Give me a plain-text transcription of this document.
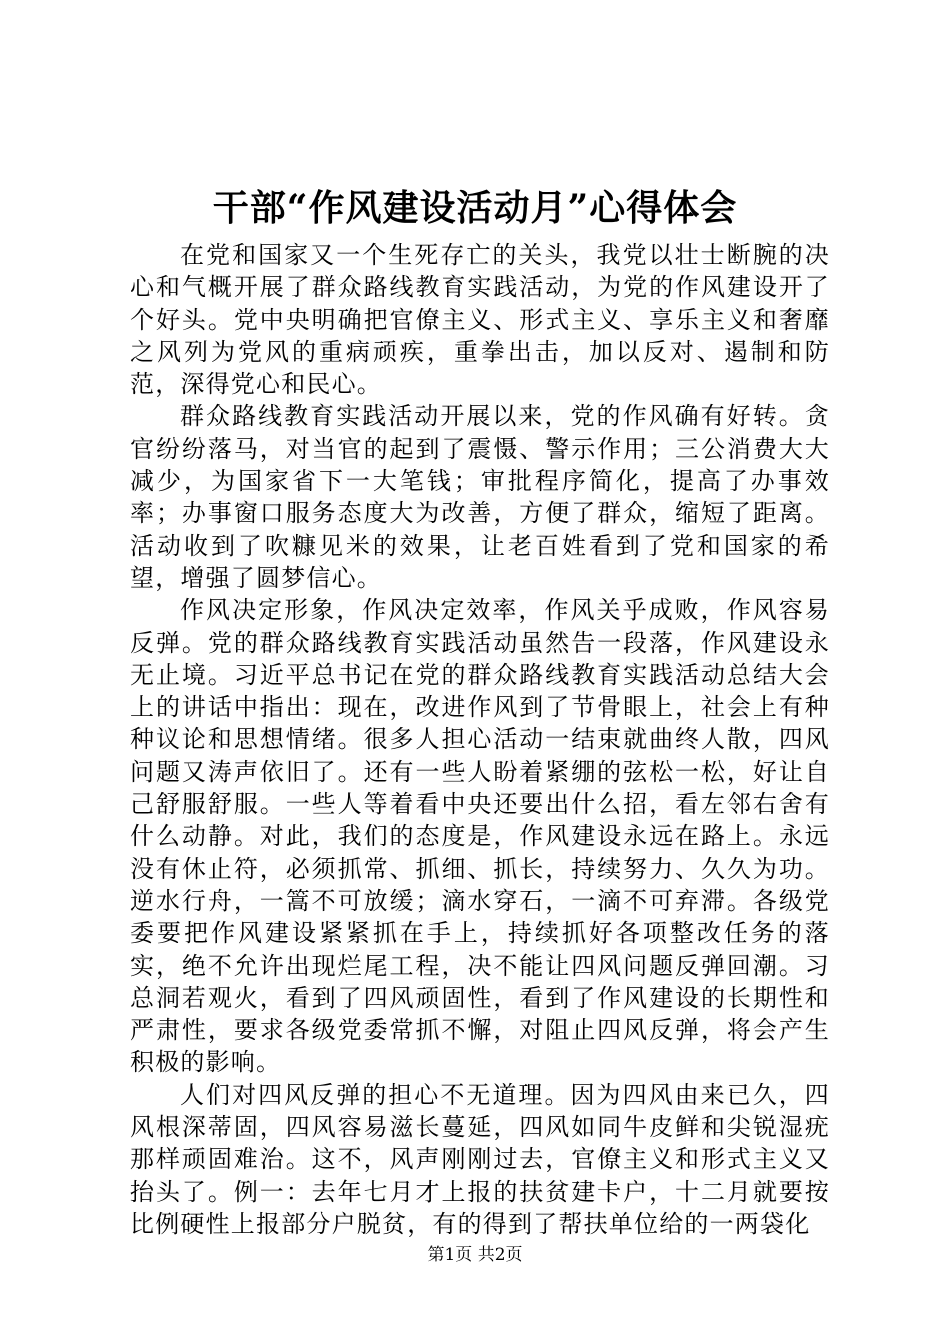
干部“作风建设活动月”心得体会

在党和国家又一个生死存亡的关头，我党以壮士断腕的决心和气概开展了群众路线教育实践活动，为党的作风建设开了个好头。党中央明确把官僚主义、形式主义、享乐主义和奢靡之风列为党风的重病顽疾，重拳出击，加以反对、遏制和防范，深得党心和民心。

群众路线教育实践活动开展以来，党的作风确有好转。贪官纷纷落马，对当官的起到了震慑、警示作用；三公消费大大减少，为国家省下一大笔钱；审批程序简化，提高了办事效率；办事窗口服务态度大为改善，方便了群众，缩短了距离。活动收到了吹糠见米的效果，让老百姓看到了党和国家的希望，增强了圆梦信心。

作风决定形象，作风决定效率，作风关乎成败，作风容易反弹。党的群众路线教育实践活动虽然告一段落，作风建设永无止境。习近平总书记在党的群众路线教育实践活动总结大会上的讲话中指出：现在，改进作风到了节骨眼上，社会上有种种议论和思想情绪。很多人担心活动一结束就曲终人散，四风问题又涛声依旧了。还有一些人盼着紧绷的弦松一松，好让自己舒服舒服。一些人等着看中央还要出什么招，看左邻右舍有什么动静。对此，我们的态度是，作风建设永远在路上。永远没有休止符，必须抓常、抓细、抓长，持续努力、久久为功。逆水行舟，一篙不可放缓；滴水穿石，一滴不可弃滞。各级党委要把作风建设紧紧抓在手上，持续抓好各项整改任务的落实，绝不允许出现烂尾工程，决不能让四风问题反弹回潮。习总洞若观火，看到了四风顽固性，看到了作风建设的长期性和严肃性，要求各级党委常抓不懈，对阻止四风反弹，将会产生积极的影响。

人们对四风反弹的担心不无道理。因为四风由来已久，四风根深蒂固，四风容易滋长蔓延，四风如同牛皮鲜和尖锐湿疣那样顽固难治。这不，风声刚刚过去，官僚主义和形式主义又抬头了。例一：去年七月才上报的扶贫建卡户，十二月就要按比例硬性上报部分户脱贫，有的得到了帮扶单位给的一两袋化

第1页 共2页
